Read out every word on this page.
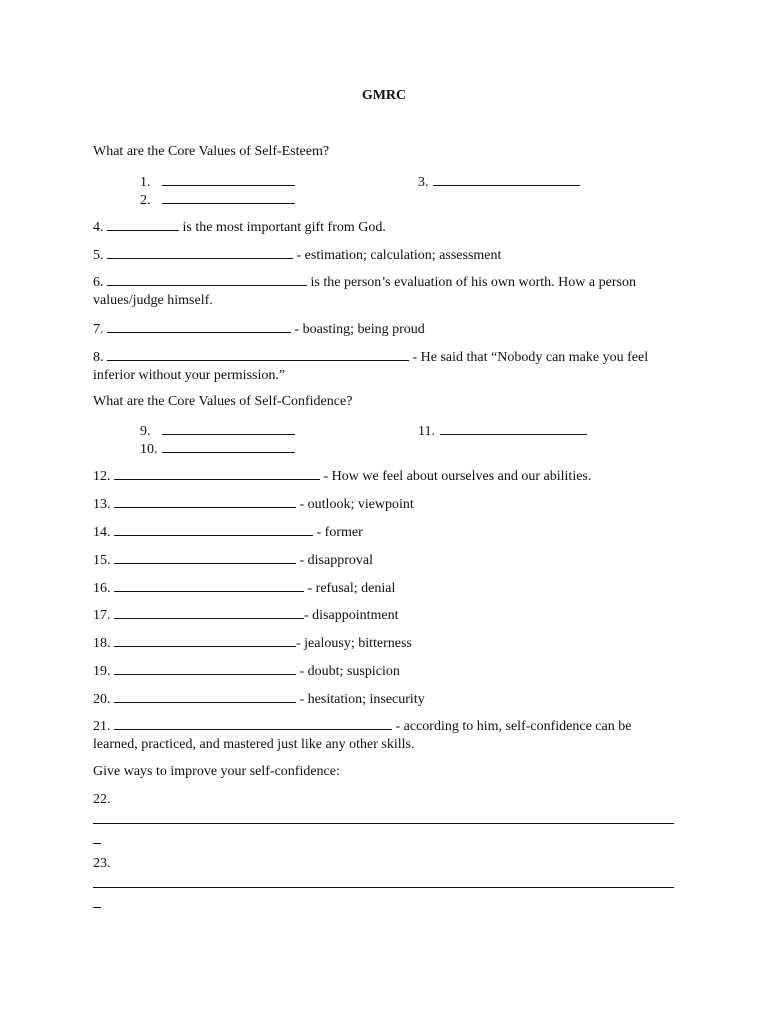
GMRC
What are the Core Values of Self-Esteem?
1.
2.
3.
4.	is the most important gift from God.
5.	- estimation; calculation; assessment
6.	is the person’s evaluation of his own worth. How a person
values/judge himself.
7.	- boasting; being proud
8.	- He said that “Nobody can make you feel
inferior without your permission.”
What are the Core Values of Self-Confidence?
9.
10.
11.
12.	- How we feel about ourselves and our abilities.
13.	- outlook; viewpoint
14.	- former
15.	- disapproval
16.	- refusal; denial
17.	- disappointment
18.	- jealousy; bitterness
19.	- doubt; suspicion
20.	- hesitation; insecurity
21.	- according to him, self-confidence can be
learned, practiced, and mastered just like any other skills.
Give ways to improve your self-confidence:
22.
23.
